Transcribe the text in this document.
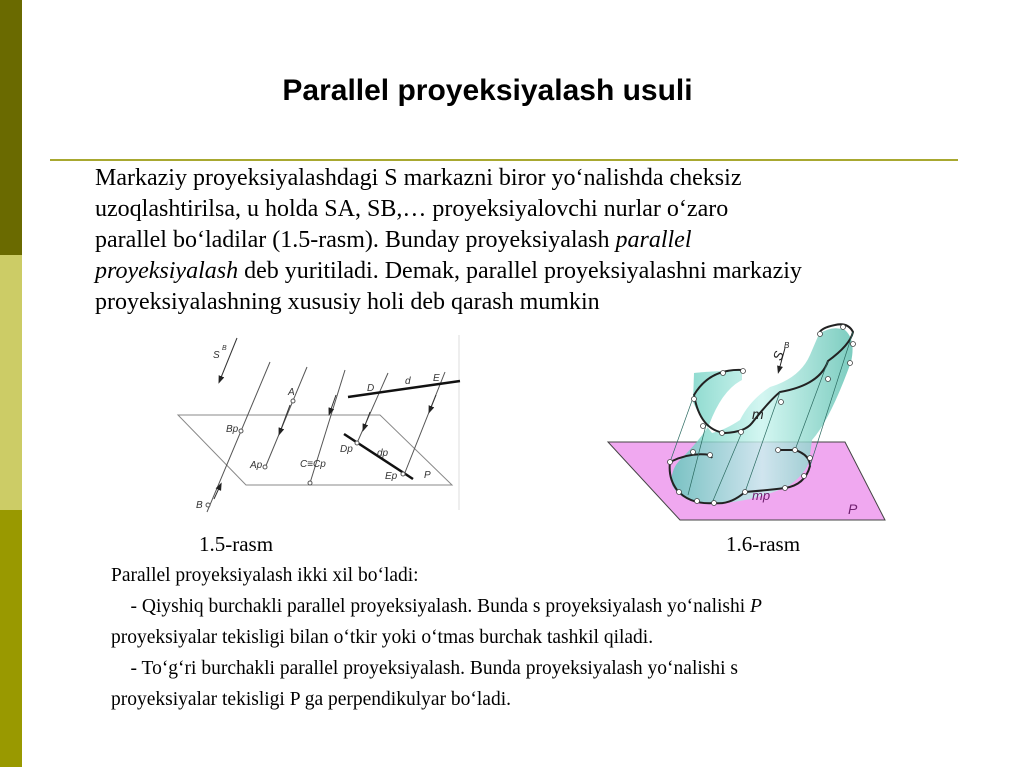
Parallel proyeksiyalash usuli
Markaziy proyeksiyalashdagi S markazni biror yo‘nalishda cheksiz
uzoqlashtirilsa, u holda SA, SB,… proyeksiyalovchi nurlar o‘zaro
parallel bo‘ladilar (1.5-rasm). Bunday proyeksiyalash parallel
proyeksiyalash deb yuritiladi. Demak, parallel proyeksiyalashni markaziy
proyeksiyalashning xususiy holi deb qarash mumkin
S
B
A
Bp
Ap
B
C≡Cp
D
d E
Dp dp
Ep	P
S
B
m
mp
P
1.5-rasm	1.6-rasm
Parallel proyeksiyalash ikki xil bo‘ladi:
- Qiyshiq burchakli parallel proyeksiyalash. Bunda s proyeksiyalash yo‘nalishi P
proyeksiyalar tekisligi bilan o‘tkir yoki o‘tmas burchak tashkil qiladi.
- To‘g‘ri burchakli parallel proyeksiyalash. Bunda proyeksiyalash yo‘nalishi s
proyeksiyalar tekisligi P ga perpendikulyar bo‘ladi.
